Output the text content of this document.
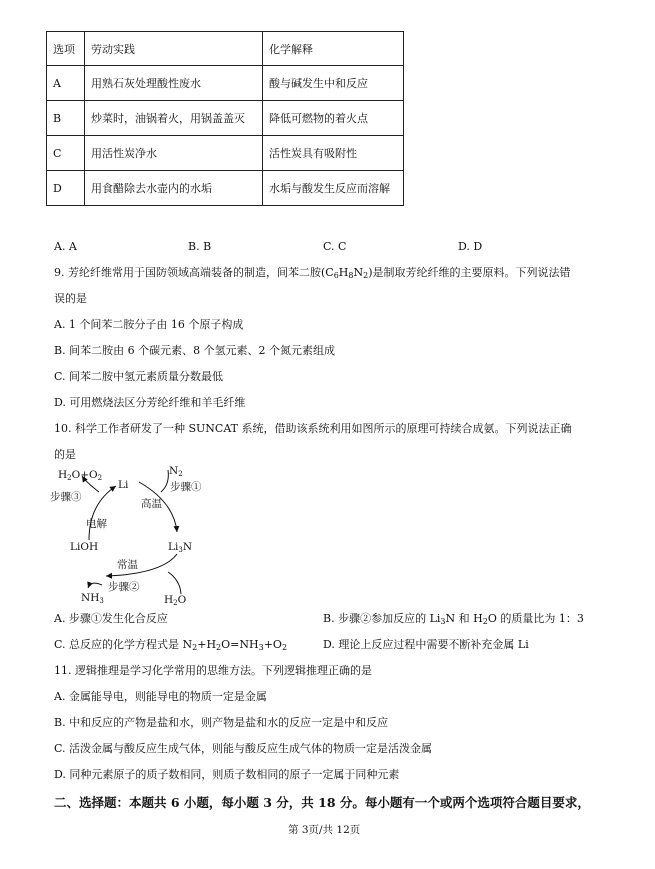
选项	劳动实践	化学解释
A	用熟石灰处理酸性废水	酸与碱发生中和反应
B	炒菜时，油锅着火，用锅盖盖灭	降低可燃物的着火点
C	用活性炭净水	活性炭具有吸附性
D	用食醋除去水壶内的水垢	水垢与酸发生反应而溶解
A. A	B. B	C. C	D. D
9. 芳纶纤维常用于国防领域高端装备的制造，间苯二胺$(C_6H_8N_2)$是制取芳纶纤维的主要原料。下列说法错
误的是
A. 1 个间苯二胺分子由 16 个原子构成
B. 间苯二胺由 6 个碳元素、8 个氢元素、2 个氮元素组成
C. 间苯二胺中氢元素质量分数最低
D. 可用燃烧法区分芳纶纤维和羊毛纤维
10. 科学工作者研发了一种 SUNCAT 系统，借助该系统利用如图所示的原理可持续合成氨。下列说法正确
的是
H2O+O2
Li
N2
步骤①
高温
步骤③
电解
LiOH	Li3N
常温
步骤②
NH3	H2O
A. 步骤①发生化合反应	B. 步骤②参加反应的 $Li_3N$ 和 $H_2O$ 的质量比为 1：3
C. 总反应的化学方程式是 $N_2+H_2O=NH_3+O_2$	D. 理论上反应过程中需要不断补充金属 Li
11. 逻辑推理是学习化学常用的思维方法。下列逻辑推理正确的是
A. 金属能导电，则能导电的物质一定是金属
B. 中和反应的产物是盐和水，则产物是盐和水的反应一定是中和反应
C. 活泼金属与酸反应生成气体，则能与酸反应生成气体的物质一定是活泼金属
D. 同种元素原子的质子数相同，则质子数相同的原子一定属于同种元素
二、选择题：本题共 6 小题，每小题 3 分，共 18 分。每小题有一个或两个选项符合题目要求，
第 3页/共 12页
